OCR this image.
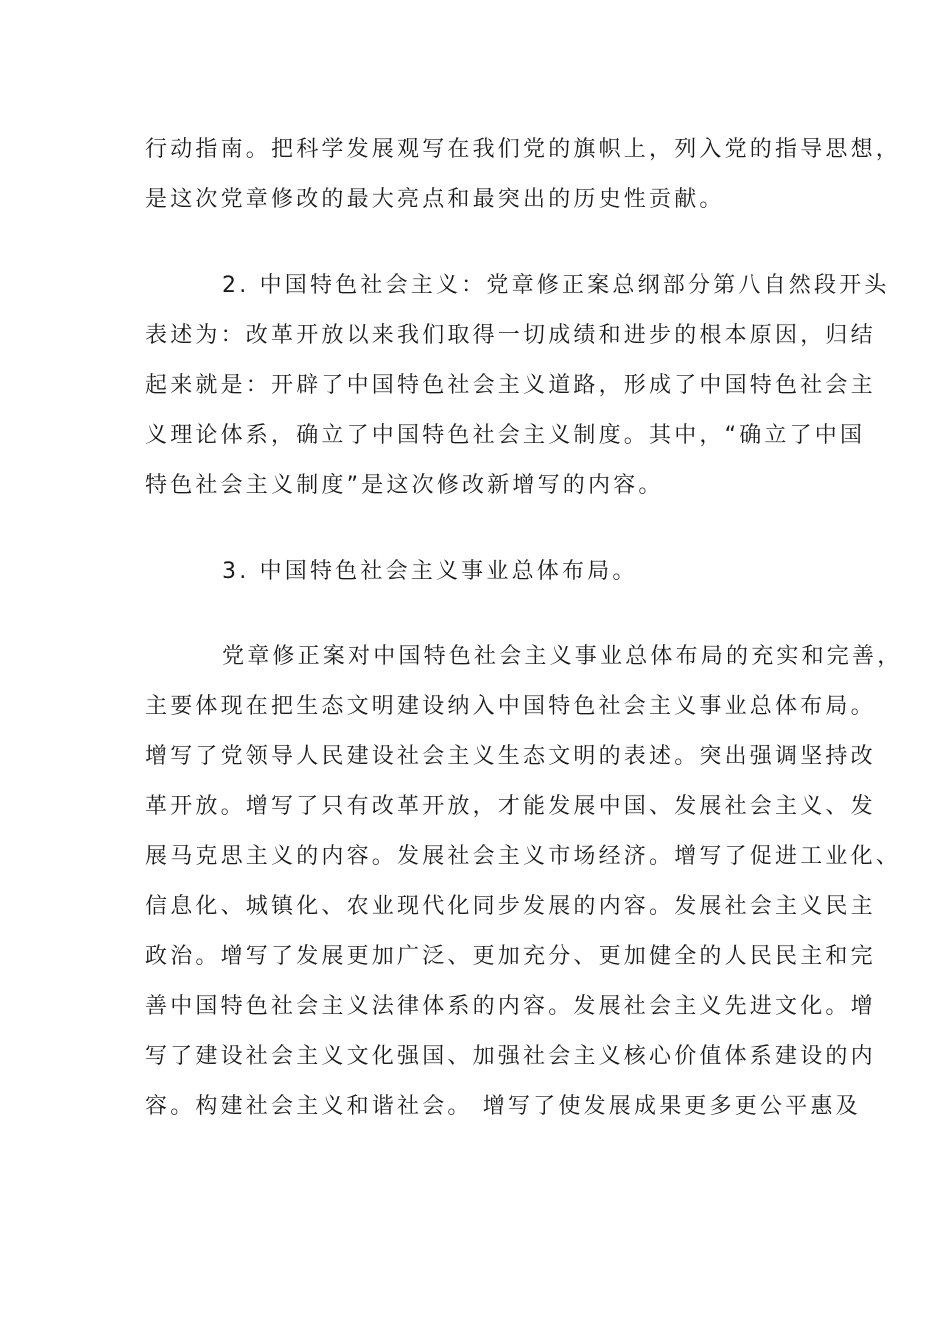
行动指南。把科学发展观写在我们党的旗帜上，列入党的指导思想，
是这次党章修改的最大亮点和最突出的历史性贡献。
2. 中国特色社会主义：党章修正案总纲部分第八自然段开头
表述为：改革开放以来我们取得一切成绩和进步的根本原因，归结
起来就是：开辟了中国特色社会主义道路，形成了中国特色社会主
义理论体系，确立了中国特色社会主义制度。其中，“确立了中国
特色社会主义制度”是这次修改新增写的内容。
3. 中国特色社会主义事业总体布局。
党章修正案对中国特色社会主义事业总体布局的充实和完善，
主要体现在把生态文明建设纳入中国特色社会主义事业总体布局。
增写了党领导人民建设社会主义生态文明的表述。突出强调坚持改
革开放。增写了只有改革开放，才能发展中国、发展社会主义、发
展马克思主义的内容。发展社会主义市场经济。增写了促进工业化、
信息化、城镇化、农业现代化同步发展的内容。发展社会主义民主
政治。增写了发展更加广泛、更加充分、更加健全的人民民主和完
善中国特色社会主义法律体系的内容。发展社会主义先进文化。增
写了建设社会主义文化强国、加强社会主义核心价值体系建设的内
容。构建社会主义和谐社会。 增写了使发展成果更多更公平惠及
